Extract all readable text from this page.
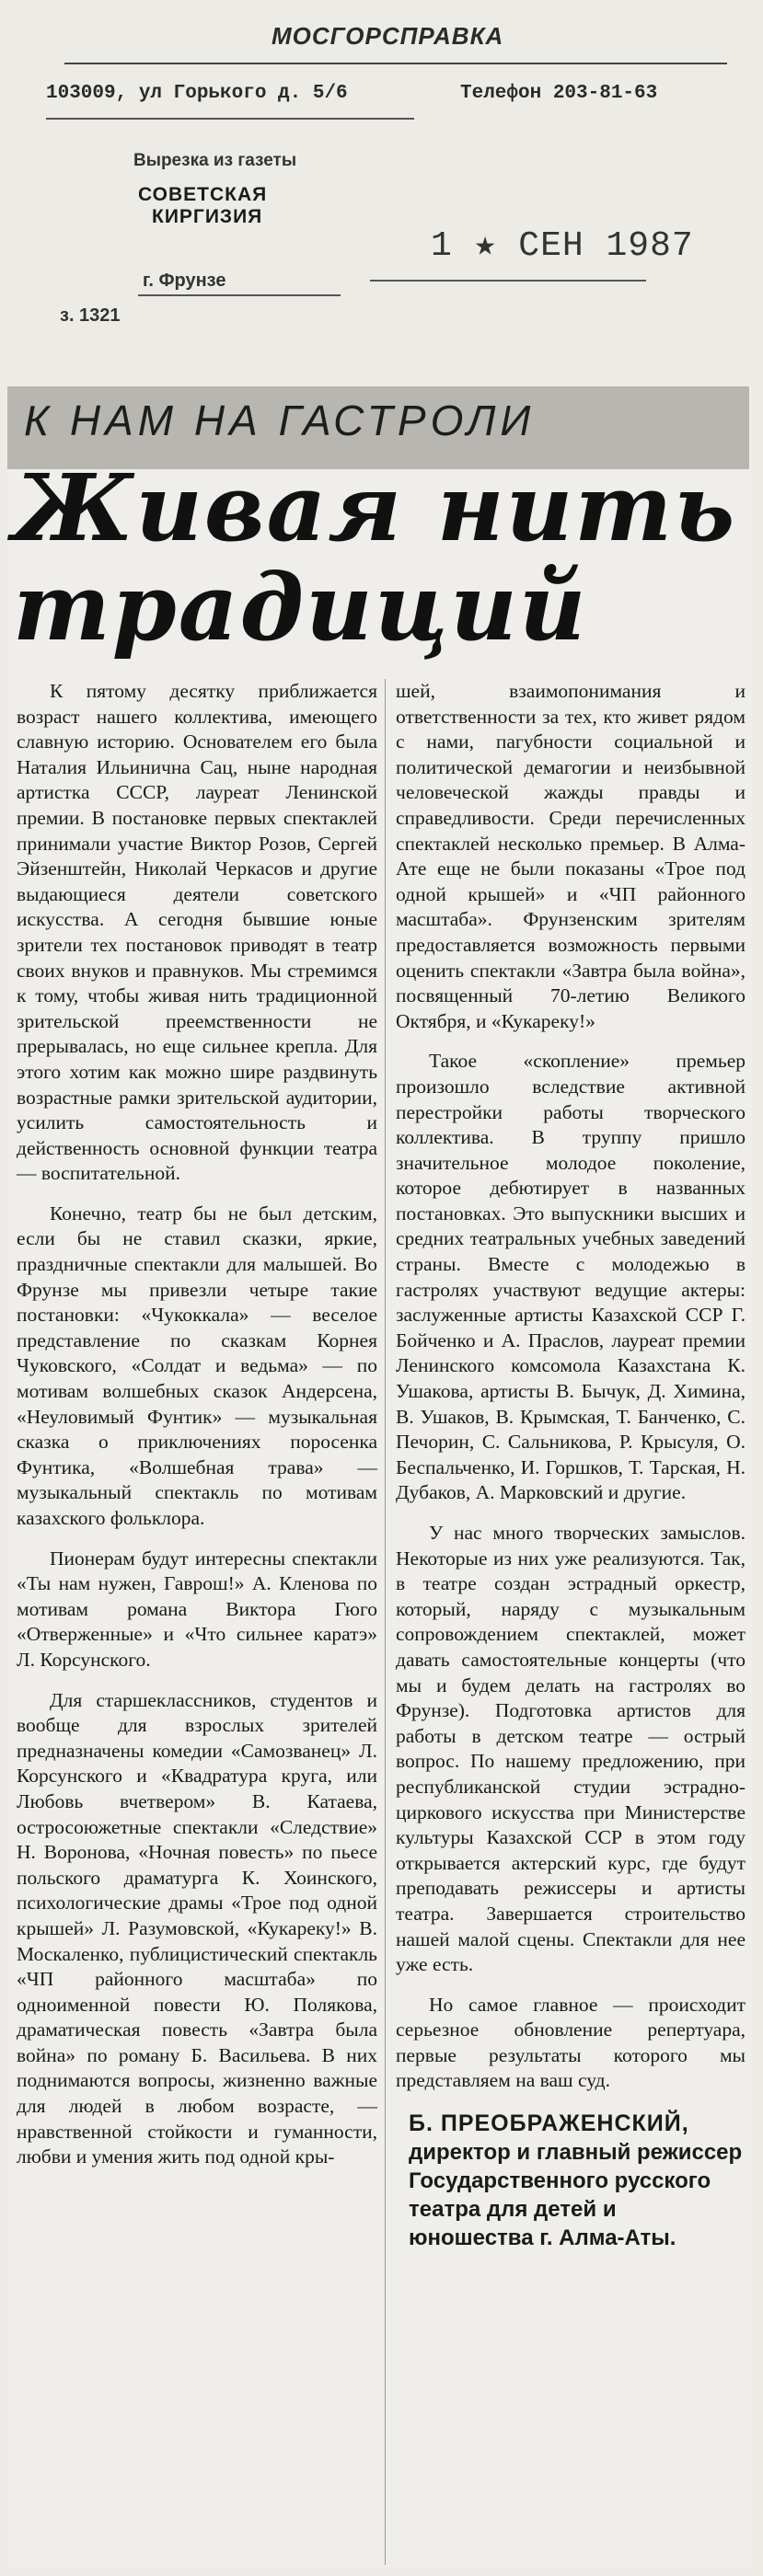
МОСГОРСПРАВКА
103009, ул Горького д. 5/6	Телефон 203-81-63
Вырезка из газеты
СОВЕТСКАЯ
КИРГИЗИЯ
1 ★ СЕН 1987
г. Фрунзе
з. 1321
К НАМ НА ГАСТРОЛИ
Живая нить
традиций

К пятому десятку приближается возраст нашего коллектива, имеющего славную историю. Основателем его была Наталия Ильинична Сац, ныне народная артистка СССР, лауреат Ленинской премии. В постановке первых спектаклей принимали участие Виктор Розов, Сергей Эйзенштейн, Николай Черкасов и другие выдающиеся деятели советского искусства. А сегодня бывшие юные зрители тех постановок приводят в театр своих внуков и правнуков. Мы стремимся к тому, чтобы живая нить традиционной зрительской преемственности не прерывалась, но еще сильнее крепла. Для этого хотим как можно шире раздвинуть возрастные рамки зрительской аудитории, усилить самостоятельность и действенность основной функции театра — воспитательной.

Конечно, театр бы не был детским, если бы не ставил сказки, яркие, праздничные спектакли для малышей. Во Фрунзе мы привезли четыре такие постановки: «Чукоккала» — веселое представление по сказкам Корнея Чуковского, «Солдат и ведьма» — по мотивам волшебных сказок Андерсена, «Неуловимый Фунтик» — музыкальная сказка о приключениях поросенка Фунтика, «Волшебная трава» — музыкальный спектакль по мотивам казахского фольклора.

Пионерам будут интересны спектакли «Ты нам нужен, Гаврош!» А. Кленова по мотивам романа Виктора Гюго «Отверженные» и «Что сильнее каратэ» Л. Корсунского.

Для старшеклассников, студентов и вообще для взрослых зрителей предназначены комедии «Самозванец» Л. Корсунского и «Квадратура круга, или Любовь вчетвером» В. Катаева, остросоюжетные спектакли «Следствие» Н. Воронова, «Ночная повесть» по пьесе польского драматурга К. Хоинского, психологические драмы «Трое под одной крышей» Л. Разумовской, «Кукареку!» В. Москаленко, публицистический спектакль «ЧП районного масштаба» по одноименной повести Ю. Полякова, драматическая повесть «Завтра была война» по роману Б. Васильева. В них поднимаются вопросы, жизненно важные для людей в любом возрасте, — нравственной стойкости и гуманности, любви и умения жить под одной кры-

шей, взаимопонимания и ответственности за тех, кто живет рядом с нами, пагубности социальной и политической демагогии и неизбывной человеческой жажды правды и справедливости. Среди перечисленных спектаклей несколько премьер. В Алма-Ате еще не были показаны «Трое под одной крышей» и «ЧП районного масштаба». Фрунзенским зрителям предоставляется возможность первыми оценить спектакли «Завтра была война», посвященный 70-летию Великого Октября, и «Кукареку!»

Такое «скопление» премьер произошло вследствие активной перестройки работы творческого коллектива. В труппу пришло значительное молодое поколение, которое дебютирует в названных постановках. Это выпускники высших и средних театральных учебных заведений страны. Вместе с молодежью в гастролях участвуют ведущие актеры: заслуженные артисты Казахской ССР Г. Бойченко и А. Праслов, лауреат премии Ленинского комсомола Казахстана К. Ушакова, артисты В. Бычук, Д. Химина, В. Ушаков, В. Крымская, Т. Банченко, С. Печорин, С. Сальникова, Р. Крысуля, О. Беспальченко, И. Горшков, Т. Тарская, Н. Дубаков, А. Марковский и другие.

У нас много творческих замыслов. Некоторые из них уже реализуются. Так, в театре создан эстрадный оркестр, который, наряду с музыкальным сопровождением спектаклей, может давать самостоятельные концерты (что мы и будем делать на гастролях во Фрунзе). Подготовка артистов для работы в детском театре — острый вопрос. По нашему предложению, при республиканской студии эстрадно-циркового искусства при Министерстве культуры Казахской ССР в этом году открывается актерский курс, где будут преподавать режиссеры и артисты театра. Завершается строительство нашей малой сцены. Спектакли для нее уже есть.

Но самое главное — происходит серьезное обновление репертуара, первые результаты которого мы представляем на ваш суд.

Б. ПРЕОБРАЖЕНСКИЙ,
директор и главный режиссер Государственного русского театра для детей и юношества г. Алма-Аты.
